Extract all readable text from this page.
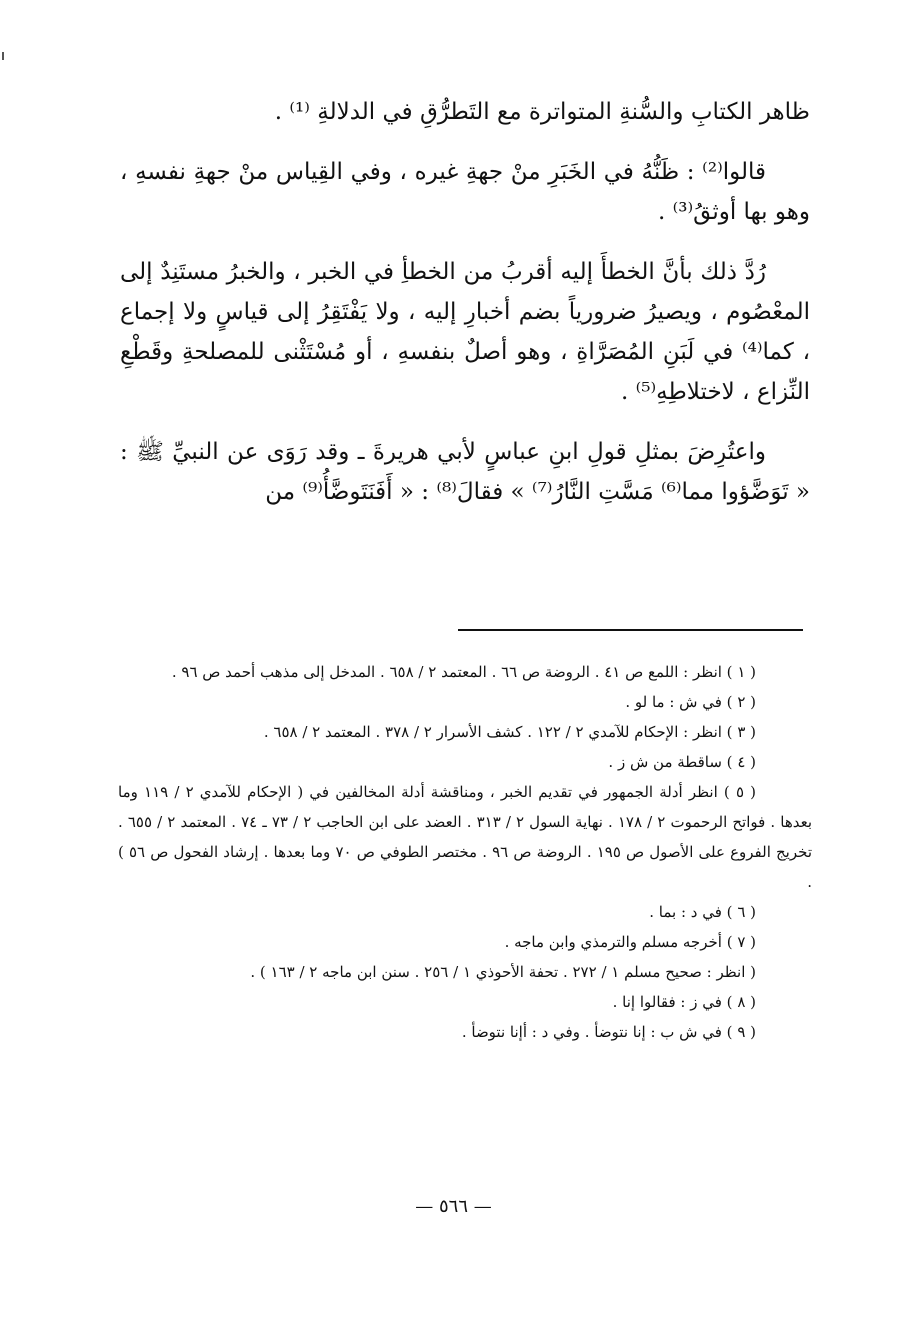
ظاهر الكتابِ والسُّنةِ المتواترة مع التَطرُّقِ في الدلالةِ ⁽¹⁾ .

قالوا⁽²⁾ : ظَنُّهُ في الخَبَرِ منْ جهةِ غيره ، وفي القِياس منْ جهةِ نفسهِ ، وهو بها أوثقُ⁽³⁾ .

رُدَّ ذلك بأنَّ الخطأَ إليه أقربُ من الخطأِ في الخبر ، والخبرُ مستَنِدٌ إلى المعْصُوم ، ويصيرُ ضرورياً بضم أخبارِ إليه ، ولا يَفْتَقِرُ إلى قياسٍ ولا إجماع ، كما⁽⁴⁾ في لَبَنِ المُصَرَّاةِ ، وهو أصلٌ بنفسهِ ، أو مُسْتَثْنى للمصلحةِ وقَطْعِ النِّزاع ، لاختلاطِهِ⁽⁵⁾ .

واعتُرِضَ بمثلِ قولِ ابنِ عباسٍ لأبي هريرةَ ـ وقد رَوَى عن النبيِّ ﷺ : « تَوَضَّؤوا مما⁽⁶⁾ مَسَّتِ النَّارُ⁽⁷⁾ » فقالَ⁽⁸⁾ : « أَفَنَتَوضَّأُ⁽⁹⁾ من

( ١ ) انظر : اللمع ص ٤١ . الروضة ص ٦٦ . المعتمد ٢ / ٦٥٨ . المدخل إلى مذهب أحمد ص ٩٦ .

( ٢ ) في ش : ما لو .

( ٣ ) انظر : الإحكام للآمدي ٢ / ١٢٢ . كشف الأسرار ٢ / ٣٧٨ . المعتمد ٢ / ٦٥٨ .

( ٤ ) ساقطة من ش ز .

( ٥ ) انظر أدلة الجمهور في تقديم الخبر ، ومناقشة أدلة المخالفين في ( الإحكام للآمدي ٢ / ١١٩ وما بعدها . فواتح الرحموت ٢ / ١٧٨ . نهاية السول ٢ / ٣١٣ . العضد على ابن الحاجب ٢ / ٧٣ ـ ٧٤ . المعتمد ٢ / ٦٥٥ . تخريج الفروع على الأصول ص ١٩٥ . الروضة ص ٩٦ . مختصر الطوفي ص ٧٠ وما بعدها . إرشاد الفحول ص ٥٦ ) .

( ٦ ) في د : بما .

( ٧ ) أخرجه مسلم والترمذي وابن ماجه .

( انظر : صحيح مسلم ١ / ٢٧٢ . تحفة الأحوذي ١ / ٢٥٦ . سنن ابن ماجه ٢ / ١٦٣ ) .

( ٨ ) في ز : فقالوا إنا .

( ٩ ) في ش ب : إنا نتوضأ . وفي د : أإنا نتوضأ .

— ٥٦٦ —
